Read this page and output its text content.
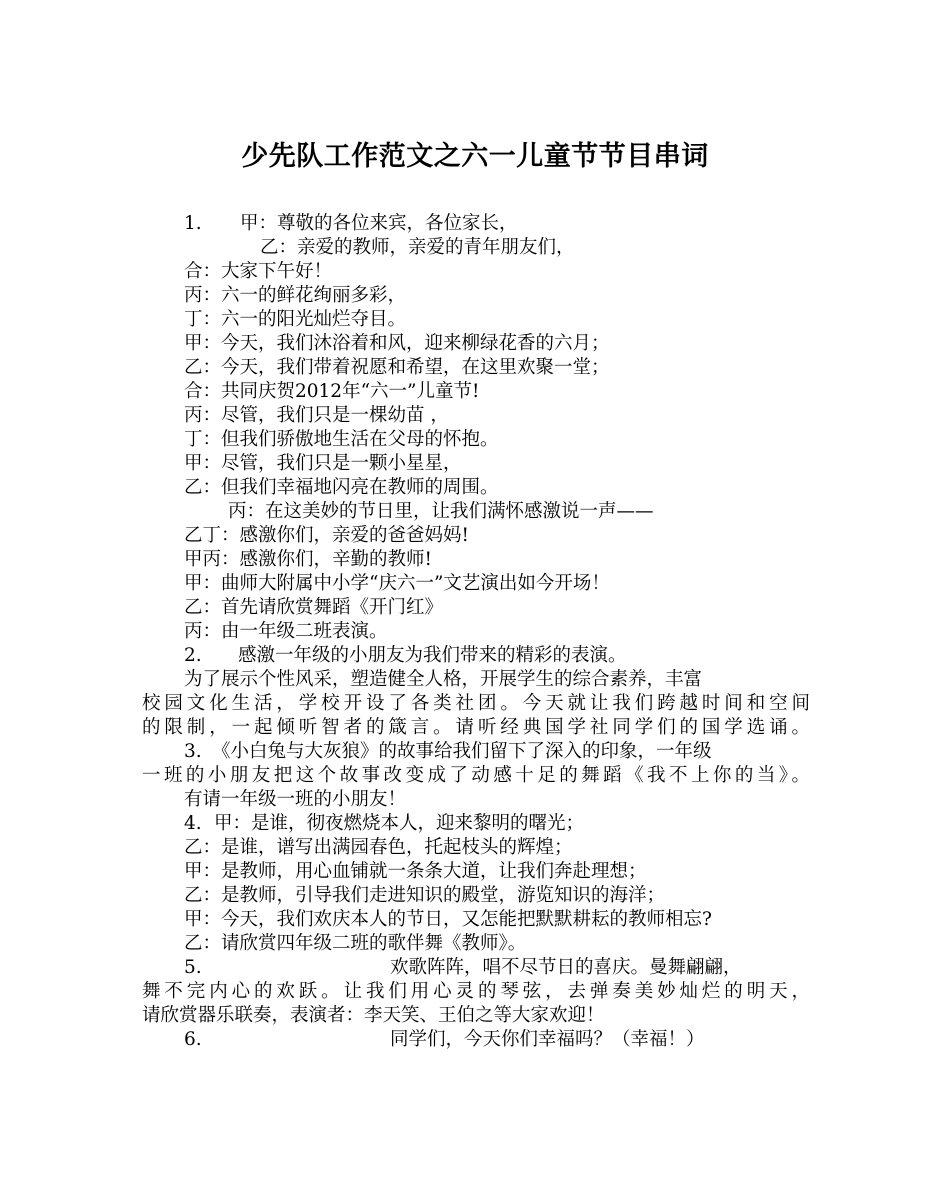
少先队工作范文之六一儿童节节目串词
1. 甲：尊敬的各位来宾，各位家长，
乙：亲爱的教师，亲爱的青年朋友们，
合：大家下午好！
丙：六一的鲜花绚丽多彩，
丁：六一的阳光灿烂夺目。
甲：今天，我们沐浴着和风，迎来柳绿花香的六月；
乙：今天，我们带着祝愿和希望，在这里欢聚一堂；
合：共同庆贺2012年“六一”儿童节!
丙：尽管，我们只是一棵幼苗 ，
丁：但我们骄傲地生活在父母的怀抱。
甲：尽管，我们只是一颗小星星，
乙：但我们幸福地闪亮在教师的周围。
丙：在这美妙的节日里，让我们满怀感激说一声——
乙丁：感激你们，亲爱的爸爸妈妈!
甲丙：感激你们，辛勤的教师!
甲：曲师大附属中小学“庆六一”文艺演出如今开场！
乙：首先请欣赏舞蹈《开门红》
丙：由一年级二班表演。
2. 感激一年级的小朋友为我们带来的精彩的表演。
为了展示个性风采，塑造健全人格，开展学生的综合素养，丰富
校园文化生活，学校开设了各类社团。今天就让我们跨越时间和空间
的限制，一起倾听智者的箴言。请听经典国学社同学们的国学选诵。
3. 《小白兔与大灰狼》的故事给我们留下了深入的印象，一年级
一班的小朋友把这个故事改变成了动感十足的舞蹈《我不上你的当》。
有请一年级一班的小朋友！
4. 甲：是谁，彻夜燃烧本人，迎来黎明的曙光；
乙：是谁，谱写出满园春色，托起枝头的辉煌；
甲：是教师，用心血铺就一条条大道，让我们奔赴理想；
乙：是教师，引导我们走进知识的殿堂，游览知识的海洋；
甲：今天，我们欢庆本人的节日，又怎能把默默耕耘的教师相忘?
乙：请欣赏四年级二班的歌伴舞《教师》。
5.	欢歌阵阵，唱不尽节日的喜庆。曼舞翩翩，
舞不完内心的欢跃。让我们用心灵的琴弦，去弹奏美妙灿烂的明天，
请欣赏器乐联奏，表演者：李天笑、王伯之等大家欢迎！
6.	同学们，今天你们幸福吗？（幸福！）
